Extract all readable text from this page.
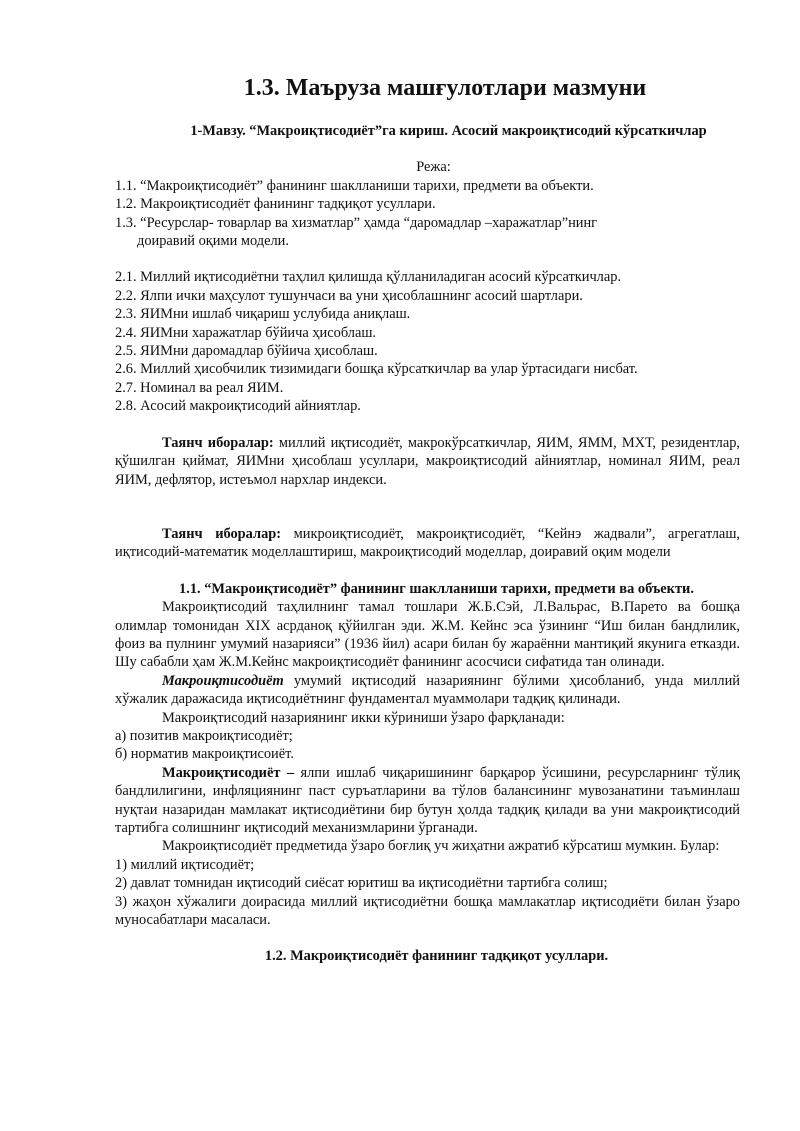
1.3. Маъруза машғулотлари мазмуни

1-Мавзу. “Макроиқтисодиёт”га кириш. Асосий макроиқтисодий кўрсаткичлар

Режа:

1.1. “Макроиқтисодиёт” фанининг шаклланиши тарихи, предмети ва объекти.
1.2. Макроиқтисодиёт фанининг тадқиқот усуллари.
1.3. “Ресурслар- товарлар ва хизматлар” ҳамда “даромадлар –харажатлар”нинг
доиравий оқими модели.
2.1. Миллий иқтисодиётни таҳлил қилишда қўлланиладиган асосий кўрсаткичлар.
2.2. Ялпи ички маҳсулот тушунчаси ва уни ҳисоблашнинг асосий шартлари.
2.3. ЯИМни ишлаб чиқариш услубида аниқлаш.
2.4. ЯИМни харажатлар бўйича ҳисоблаш.
2.5. ЯИМни даромадлар бўйича ҳисоблаш.
2.6. Миллий ҳисобчилик тизимидаги бошқа кўрсаткичлар ва улар ўртасидаги нисбат.
2.7. Номинал ва реал ЯИМ.
2.8. Асосий макроиқтисодий айниятлар.

Таянч иборалар: миллий иқтисодиёт, макрокўрсаткичлар, ЯИМ, ЯММ, МХТ, резидентлар, қўшилган қиймат, ЯИМни ҳисоблаш усуллари, макроиқтисодий айниятлар, номинал ЯИМ, реал ЯИМ, дефлятор, истеъмол нархлар индекси.

Таянч иборалар: микроиқтисодиёт, макроиқтисодиёт, “Кейнэ жадвали”, агрегатлаш, иқтисодий-математик моделлаштириш, макроиқтисодий моделлар, доиравий оқим модели

1.1. “Макроиқтисодиёт” фанининг шаклланиши тарихи, предмети ва объекти.

Макроиқтисодий таҳлилнинг тамал тошлари Ж.Б.Сэй, Л.Вальрас, В.Парето ва бошқа олимлар томонидан XIX асрданоқ қўйилган эди. Ж.М. Кейнс эса ўзининг “Иш билан бандлилик, фоиз ва пулнинг умумий назарияси” (1936 йил) асари билан бу жараённи мантиқий якунига етказди. Шу сабабли ҳам Ж.М.Кейнс макроиқтисодиёт фанининг асосчиси сифатида тан олинади.

Макроиқтисодиёт умумий иқтисодий назариянинг бўлими ҳисобланиб, унда миллий хўжалик даражасида иқтисодиётнинг фундаментал муаммолари тадқиқ қилинади.

Макроиқтисодий назариянинг икки кўриниши ўзаро фарқланади:

а) позитив макроиқтисодиёт;

б) норматив макроиқтисоиёт.

Макроиқтисодиёт – ялпи ишлаб чиқаришининг барқарор ўсишини, ресурсларнинг тўлиқ бандлилигини, инфляциянинг паст суръатларини ва тўлов балансининг мувозанатини таъминлаш нуқтаи назаридан мамлакат иқтисодиётини бир бутун ҳолда тадқиқ қилади ва уни макроиқтисодий тартибга солишнинг иқтисодий механизмларини ўрганади.

Макроиқтисодиёт предметида ўзаро боғлиқ уч жиҳатни ажратиб кўрсатиш мумкин. Булар:

1) миллий иқтисодиёт;

2) давлат томнидан иқтисодий сиёсат юритиш ва иқтисодиётни тартибга солиш;

3) жаҳон хўжалиги доирасида миллий иқтисодиётни бошқа мамлакатлар иқтисодиёти билан ўзаро муносабатлари масаласи.

1.2. Макроиқтисодиёт фанининг тадқиқот усуллари.
